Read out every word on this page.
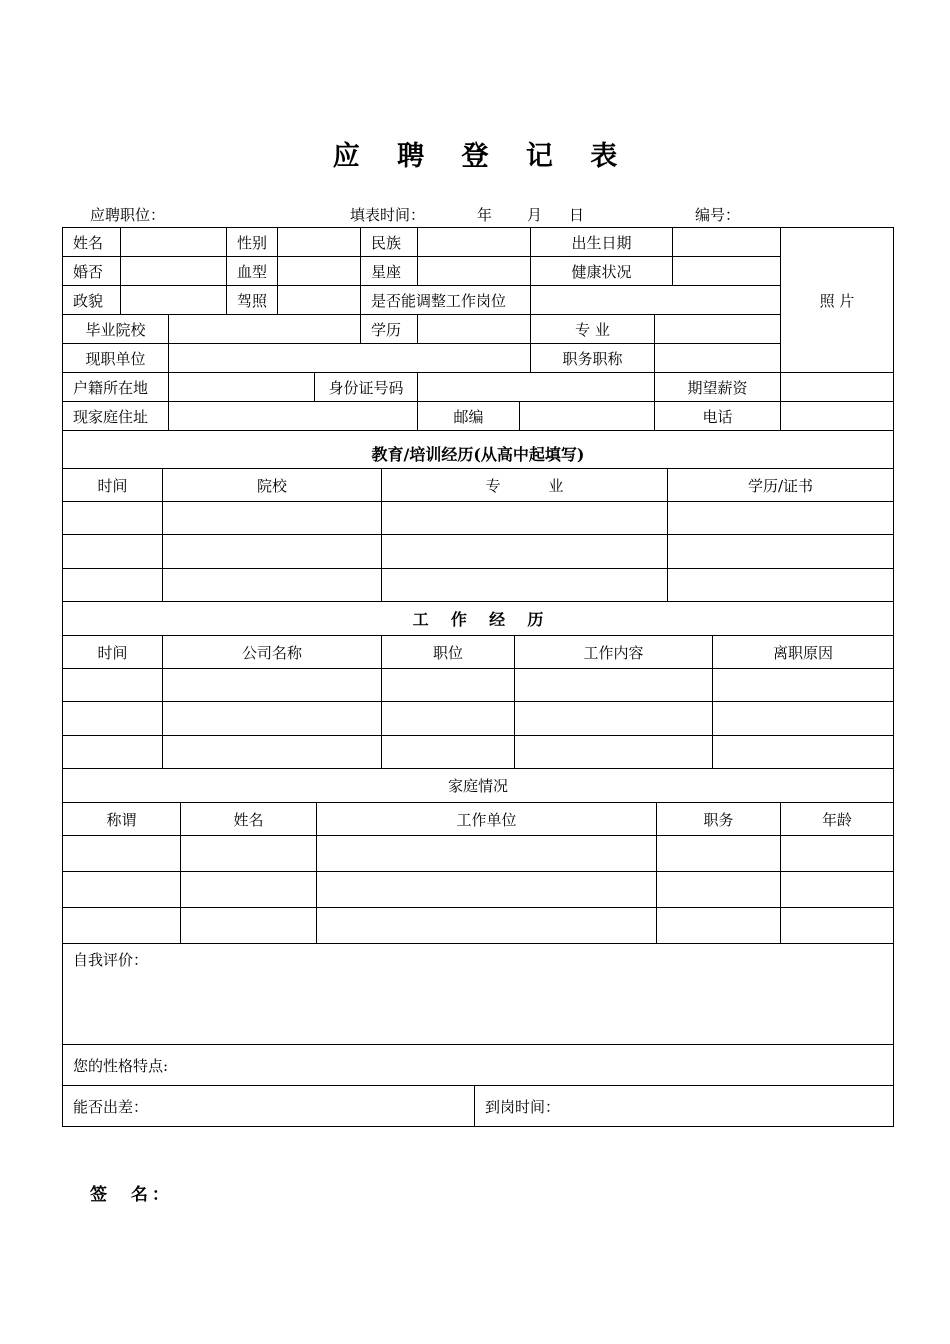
应 聘 登 记 表
应聘职位：	填表时间：	年 月 日	编号：
姓名	性别	民族	出生日期
婚否	血型	星座	健康状况
政貌	驾照	是否能调整工作岗位	照 片
毕业院校	学历	专 业
现职单位	职务职称
户籍所在地	身份证号码	期望薪资
现家庭住址	邮编	电话
教育/培训经历(从高中起填写)
时间	院校	专          业	学历/证书
工    作    经    历
时间	公司名称	职位	工作内容	离职原因
家庭情况
称谓	姓名	工作单位	职务	年龄
自我评价：
您的性格特点:
能否出差：	到岗时间：
签  名：
